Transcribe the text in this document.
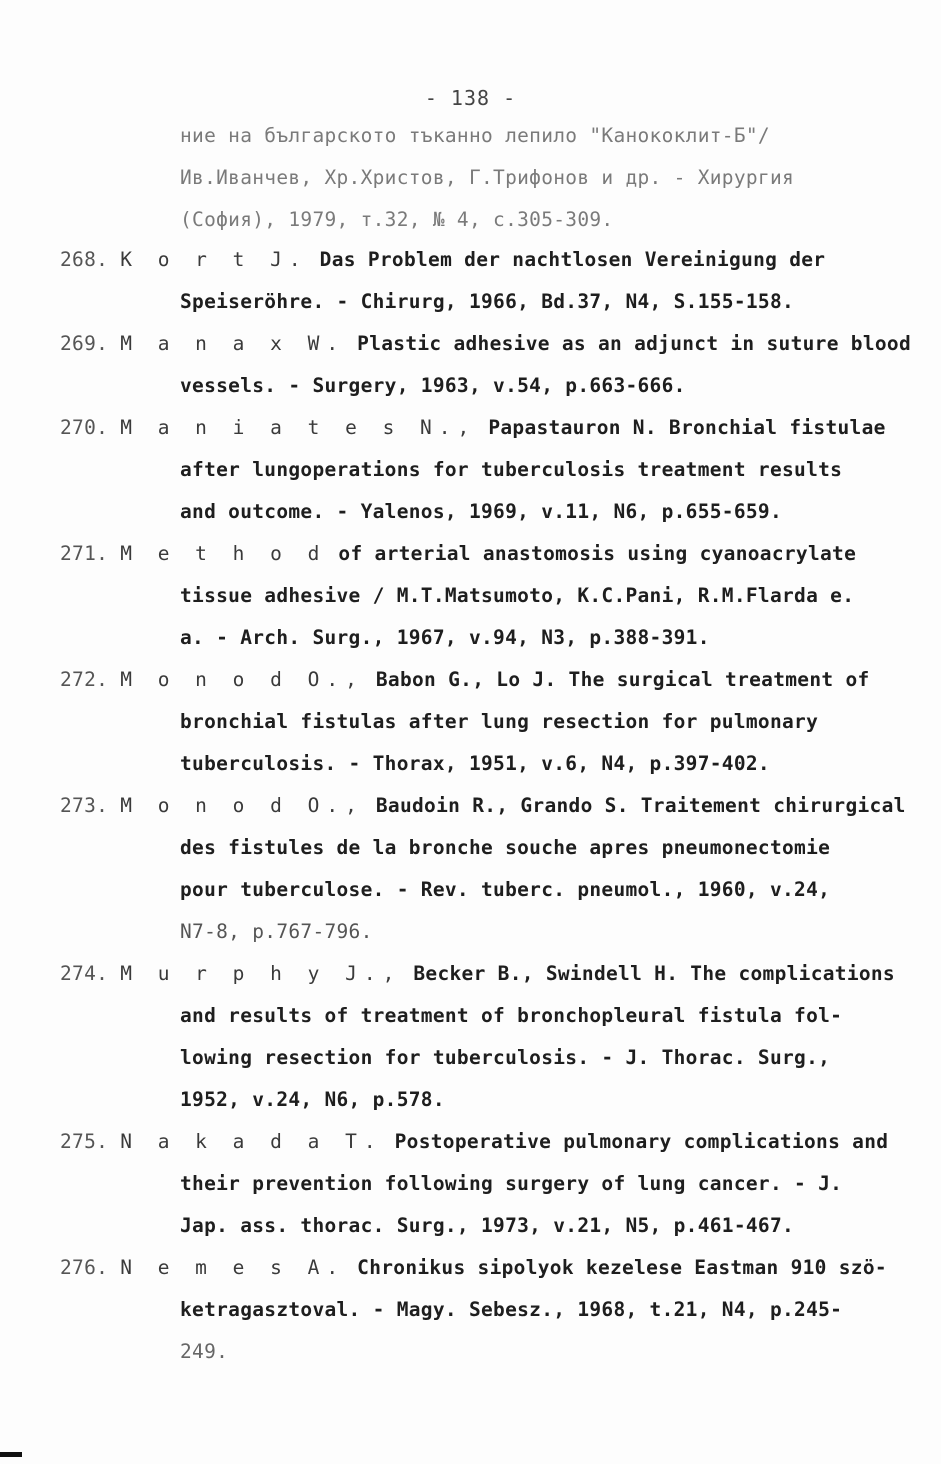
- 138 -
ние на българското тъканно лепило "Канококлит-Б"/
Ив.Иванчев, Хр.Христов, Г.Трифонов и др. - Хирургия
(София), 1979, т.32, № 4, с.305-309.
268. K o r t J. Das Problem der nachtlosen Vereinigung der
Speiseröhre. - Chirurg, 1966, Bd.37, N4, S.155-158.
269. M a n a x W. Plastic adhesive as an adjunct in suture blood
vessels. - Surgery, 1963, v.54, p.663-666.
270. M a n i a t e s N., Papastauron N. Bronchial fistulae
after lungoperations for tuberculosis treatment results
and outcome. - Yalenos, 1969, v.11, N6, p.655-659.
271. M e t h o d of arterial anastomosis using cyanoacrylate
tissue adhesive / M.T.Matsumoto, K.C.Pani, R.M.Flarda e.
a. - Arch. Surg., 1967, v.94, N3, p.388-391.
272. M o n o d O., Babon G., Lo J. The surgical treatment of
bronchial fistulas after lung resection for pulmonary
tuberculosis. - Thorax, 1951, v.6, N4, p.397-402.
273. M o n o d O., Baudoin R., Grando S. Traitement chirurgical
des fistules de la bronche souche apres pneumonectomie
pour tuberculose. - Rev. tuberc. pneumol., 1960, v.24,
N7-8, p.767-796.
274. M u r p h y J., Becker B., Swindell H. The complications
and results of treatment of bronchopleural fistula fol-
lowing resection for tuberculosis. - J. Thorac. Surg.,
1952, v.24, N6, p.578.
275. N a k a d a T. Postoperative pulmonary complications and
their prevention following surgery of lung cancer. - J.
Jap. ass. thorac. Surg., 1973, v.21, N5, p.461-467.
276. N e m e s A. Chronikus sipolyok kezelese Eastman 910 szö-
ketragasztoval. - Magy. Sebesz., 1968, t.21, N4, p.245-
249.
